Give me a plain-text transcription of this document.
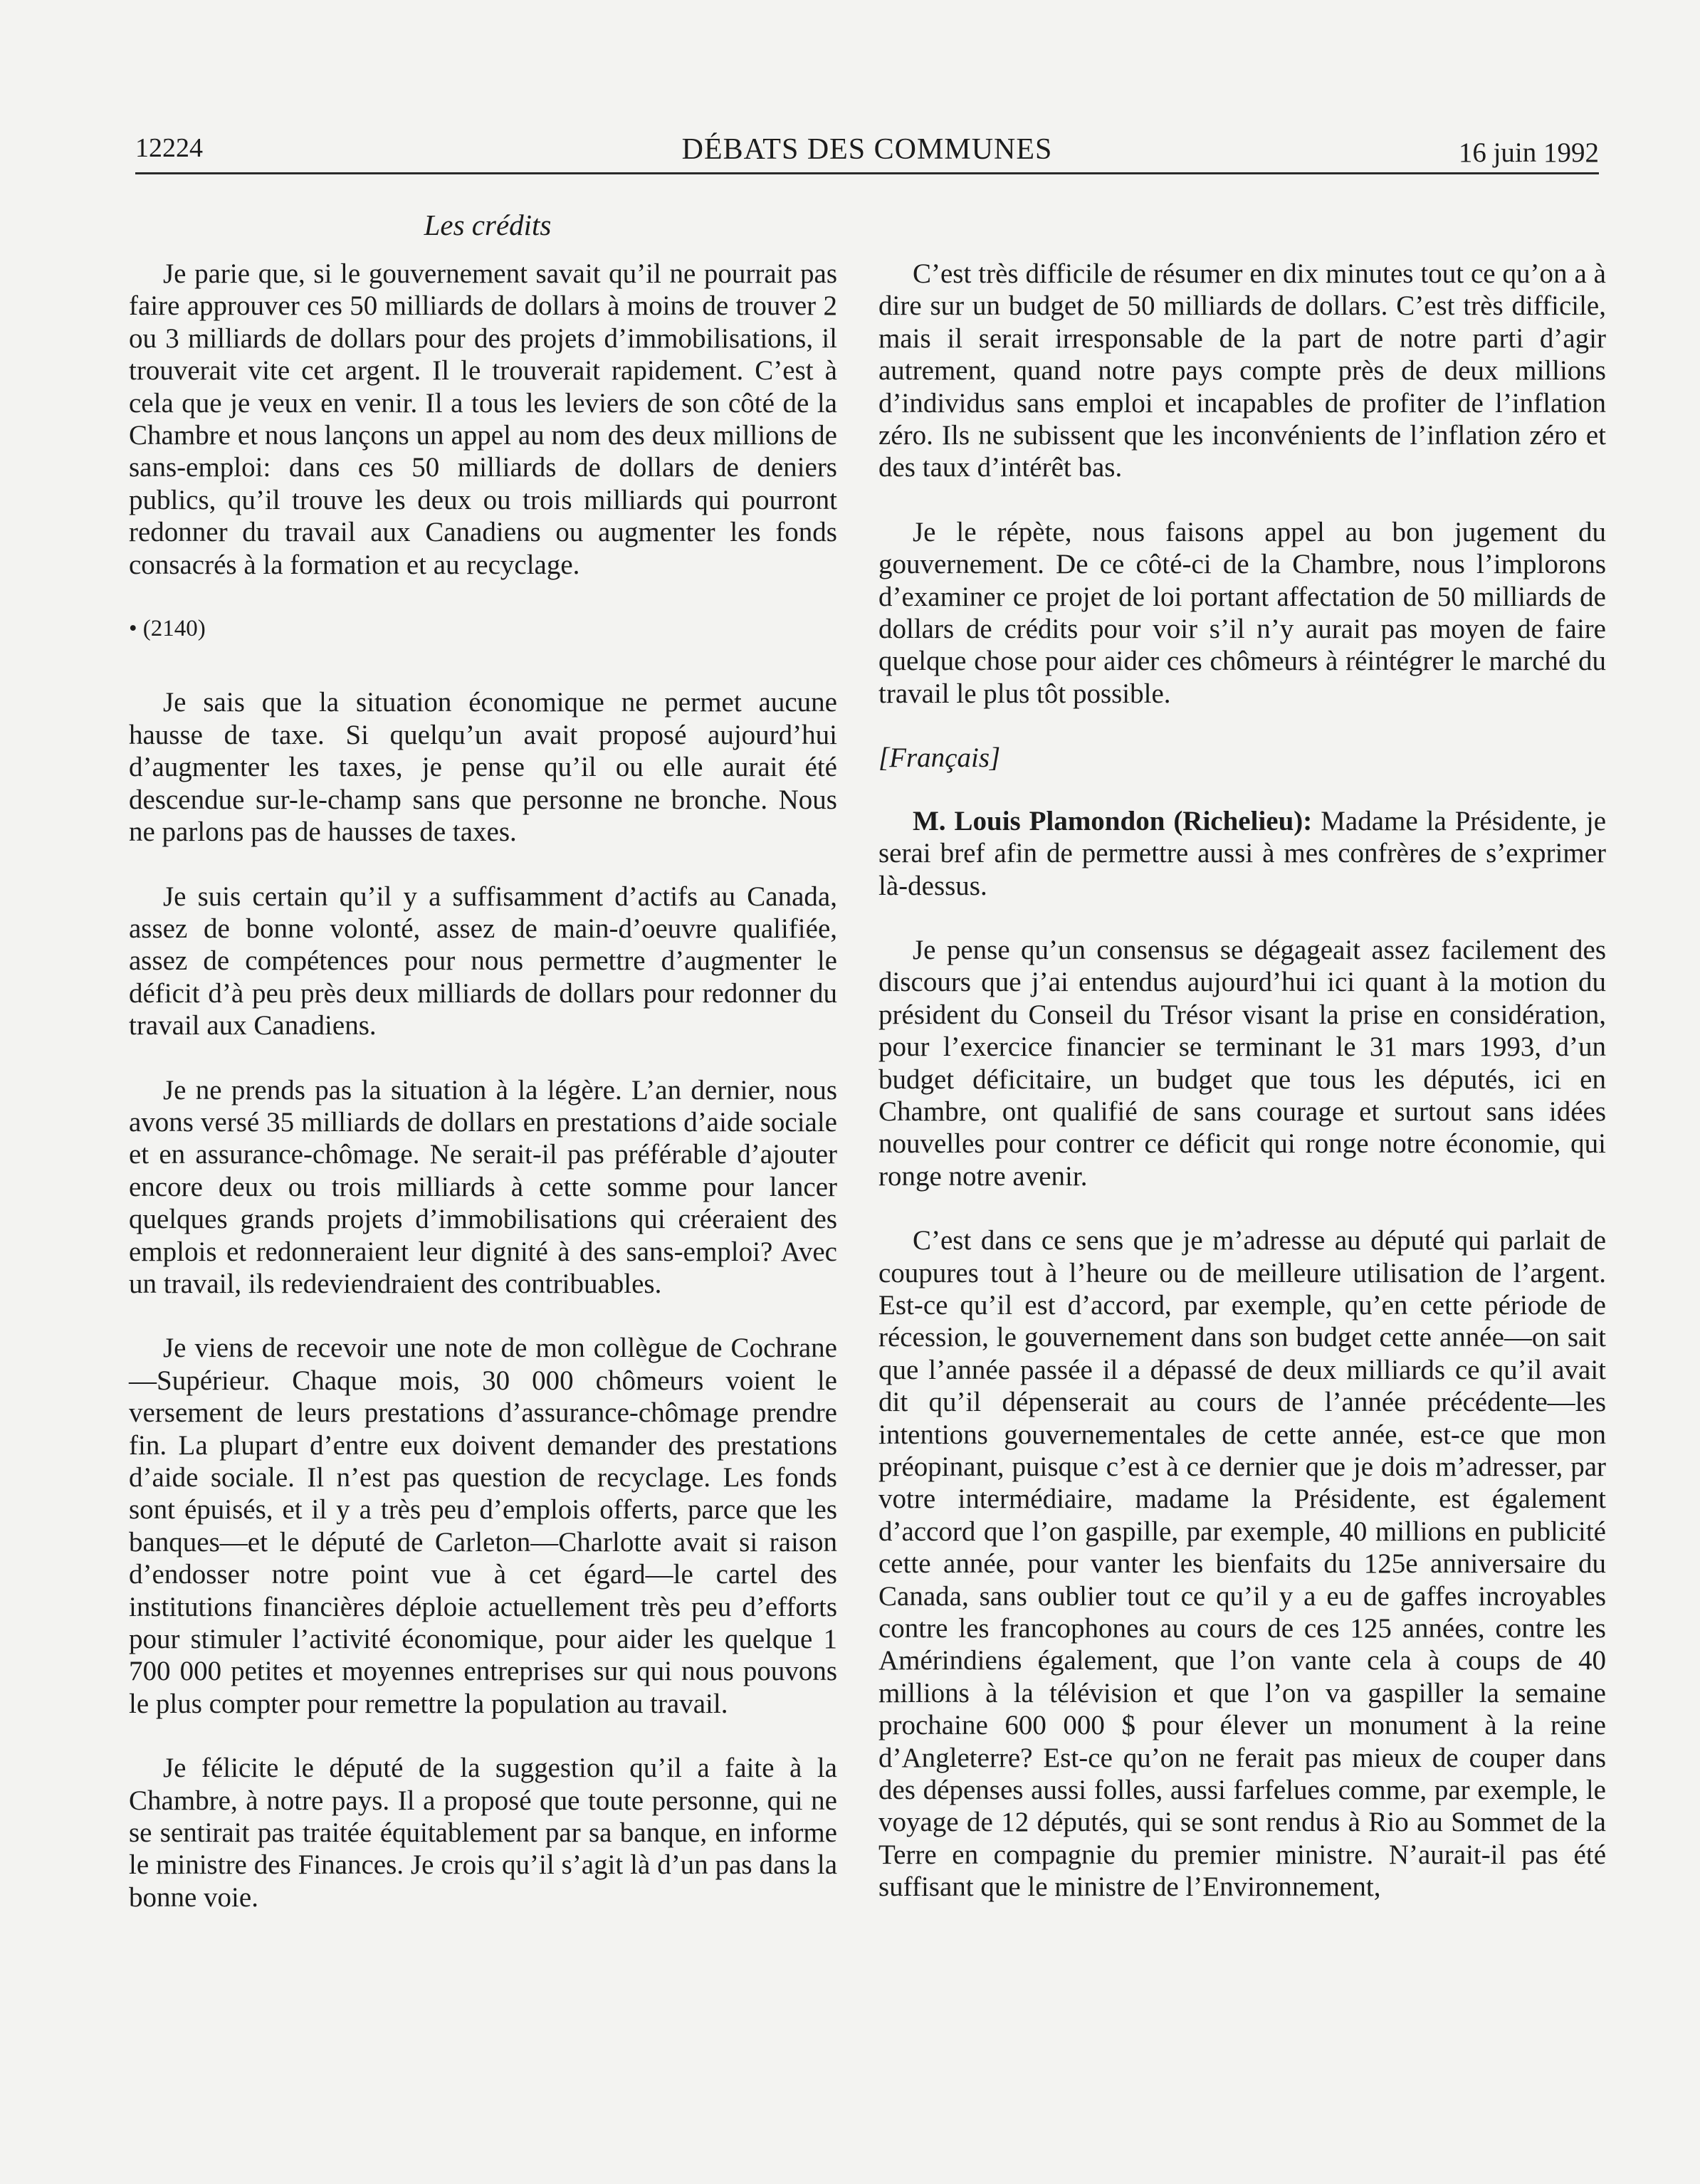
12224	DÉBATS DES COMMUNES	16 juin 1992
Les crédits

Je parie que, si le gouvernement savait qu’il ne pourrait pas faire approuver ces 50 milliards de dollars à moins de trouver 2 ou 3 milliards de dollars pour des projets d’immobilisations, il trouverait vite cet argent. Il le trouverait rapidement. C’est à cela que je veux en venir. Il a tous les leviers de son côté de la Chambre et nous lançons un appel au nom des deux millions de sans-emploi: dans ces 50 milliards de dollars de deniers publics, qu’il trouve les deux ou trois milliards qui pourront redonner du travail aux Canadiens ou augmenter les fonds consacrés à la formation et au recyclage.

• (2140)

Je sais que la situation économique ne permet aucune hausse de taxe. Si quelqu’un avait proposé aujourd’hui d’augmenter les taxes, je pense qu’il ou elle aurait été descendue sur-le-champ sans que personne ne bronche. Nous ne parlons pas de hausses de taxes.

Je suis certain qu’il y a suffisamment d’actifs au Canada, assez de bonne volonté, assez de main-d’oeuvre qualifiée, assez de compétences pour nous permettre d’augmenter le déficit d’à peu près deux milliards de dollars pour redonner du travail aux Canadiens.

Je ne prends pas la situation à la légère. L’an dernier, nous avons versé 35 milliards de dollars en prestations d’aide sociale et en assurance-chômage. Ne serait-il pas préférable d’ajouter encore deux ou trois milliards à cette somme pour lancer quelques grands projets d’immobilisations qui créeraient des emplois et redonneraient leur dignité à des sans-emploi? Avec un travail, ils redeviendraient des contribuables.

Je viens de recevoir une note de mon collègue de Cochrane—Supérieur. Chaque mois, 30 000 chômeurs voient le versement de leurs prestations d’assurance-chômage prendre fin. La plupart d’entre eux doivent demander des prestations d’aide sociale. Il n’est pas question de recyclage. Les fonds sont épuisés, et il y a très peu d’emplois offerts, parce que les banques—et le député de Carleton—Charlotte avait si raison d’endosser notre point vue à cet égard—le cartel des institutions financières déploie actuellement très peu d’efforts pour stimuler l’activité économique, pour aider les quelque 1 700 000 petites et moyennes entreprises sur qui nous pouvons le plus compter pour remettre la population au travail.

Je félicite le député de la suggestion qu’il a faite à la Chambre, à notre pays. Il a proposé que toute personne, qui ne se sentirait pas traitée équitablement par sa banque, en informe le ministre des Finances. Je crois qu’il s’agit là d’un pas dans la bonne voie.

C’est très difficile de résumer en dix minutes tout ce qu’on a à dire sur un budget de 50 milliards de dollars. C’est très difficile, mais il serait irresponsable de la part de notre parti d’agir autrement, quand notre pays compte près de deux millions d’individus sans emploi et incapables de profiter de l’inflation zéro. Ils ne subissent que les inconvénients de l’inflation zéro et des taux d’intérêt bas.

Je le répète, nous faisons appel au bon jugement du gouvernement. De ce côté-ci de la Chambre, nous l’implorons d’examiner ce projet de loi portant affectation de 50 milliards de dollars de crédits pour voir s’il n’y aurait pas moyen de faire quelque chose pour aider ces chômeurs à réintégrer le marché du travail le plus tôt possible.

[Français]

M. Louis Plamondon (Richelieu): Madame la Présidente, je serai bref afin de permettre aussi à mes confrères de s’exprimer là-dessus.

Je pense qu’un consensus se dégageait assez facilement des discours que j’ai entendus aujourd’hui ici quant à la motion du président du Conseil du Trésor visant la prise en considération, pour l’exercice financier se terminant le 31 mars 1993, d’un budget déficitaire, un budget que tous les députés, ici en Chambre, ont qualifié de sans courage et surtout sans idées nouvelles pour contrer ce déficit qui ronge notre économie, qui ronge notre avenir.

C’est dans ce sens que je m’adresse au député qui parlait de coupures tout à l’heure ou de meilleure utilisation de l’argent. Est-ce qu’il est d’accord, par exemple, qu’en cette période de récession, le gouvernement dans son budget cette année—on sait que l’année passée il a dépassé de deux milliards ce qu’il avait dit qu’il dépenserait au cours de l’année précédente—les intentions gouvernementales de cette année, est-ce que mon préopinant, puisque c’est à ce dernier que je dois m’adresser, par votre intermédiaire, madame la Présidente, est également d’accord que l’on gaspille, par exemple, 40 millions en publicité cette année, pour vanter les bienfaits du 125e anniversaire du Canada, sans oublier tout ce qu’il y a eu de gaffes incroyables contre les francophones au cours de ces 125 années, contre les Amérindiens également, que l’on vante cela à coups de 40 millions à la télévision et que l’on va gaspiller la semaine prochaine 600 000 $ pour élever un monument à la reine d’Angleterre? Est-ce qu’on ne ferait pas mieux de couper dans des dépenses aussi folles, aussi farfelues comme, par exemple, le voyage de 12 députés, qui se sont rendus à Rio au Sommet de la Terre en compagnie du premier ministre. N’aurait-il pas été suffisant que le ministre de l’Environnement,
